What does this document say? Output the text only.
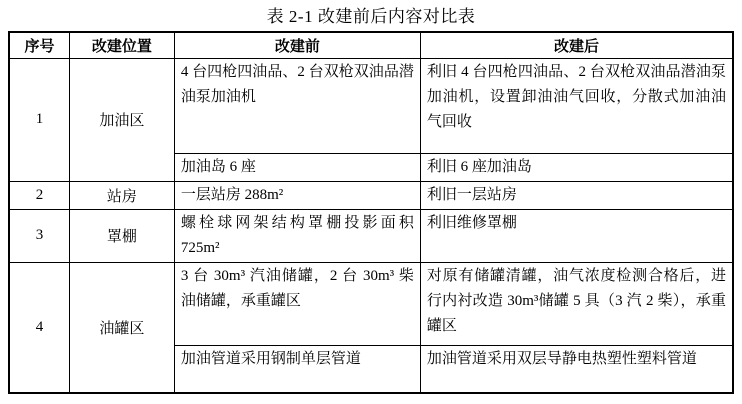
表 2-1 改建前后内容对比表
序号	改建位置	改建前	改建后
1	加油区	4 台四枪四油品、2 台双枪双油品潜油泵加油机	利旧 4 台四枪四油品、2 台双枪双油品潜油泵加油机，设置卸油油气回收，分散式加油油气回收
		加油岛 6 座	利旧 6 座加油岛
2	站房	一层站房 288m²	利旧一层站房
3	罩棚	螺栓球网架结构罩棚投影面积725m²	利旧维修罩棚
4	油罐区	3 台 30m³ 汽油储罐，2 台 30m³ 柴油储罐，承重罐区	对原有储罐清罐，油气浓度检测合格后，进行内衬改造 30m³储罐 5 具（3 汽 2 柴），承重罐区
		加油管道采用钢制单层管道	加油管道采用双层导静电热塑性塑料管道
